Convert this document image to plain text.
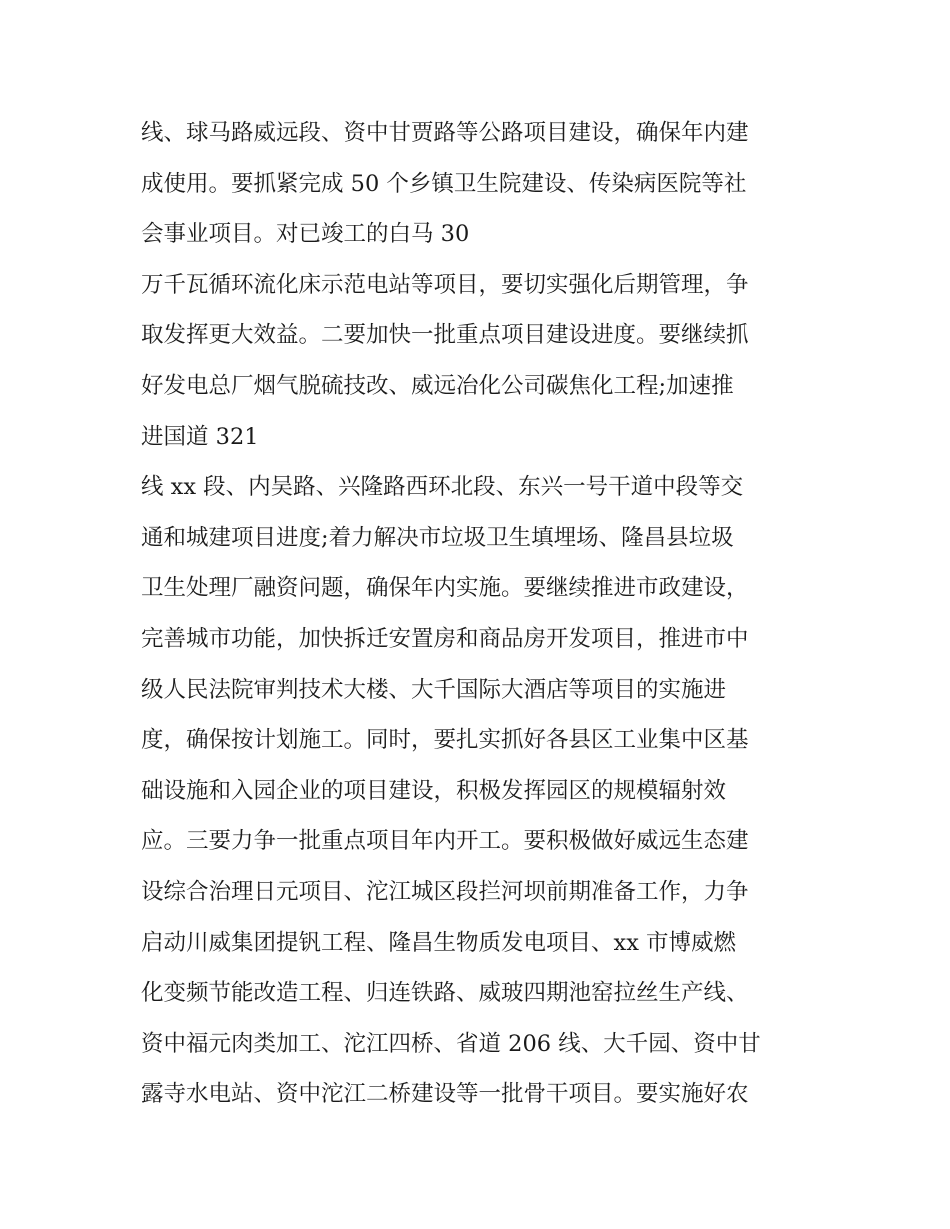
线、球马路威远段、资中甘贾路等公路项目建设，确保年内建
成使用。要抓紧完成 50 个乡镇卫生院建设、传染病医院等社
会事业项目。对已竣工的白马 30
万千瓦循环流化床示范电站等项目，要切实强化后期管理，争
取发挥更大效益。二要加快一批重点项目建设进度。要继续抓
好发电总厂烟气脱硫技改、威远冶化公司碳焦化工程;加速推
进国道 321
线 xx 段、内吴路、兴隆路西环北段、东兴一号干道中段等交
通和城建项目进度;着力解决市垃圾卫生填埋场、隆昌县垃圾
卫生处理厂融资问题，确保年内实施。要继续推进市政建设，
完善城市功能，加快拆迁安置房和商品房开发项目，推进市中
级人民法院审判技术大楼、大千国际大酒店等项目的实施进
度，确保按计划施工。同时，要扎实抓好各县区工业集中区基
础设施和入园企业的项目建设，积极发挥园区的规模辐射效
应。三要力争一批重点项目年内开工。要积极做好威远生态建
设综合治理日元项目、沱江城区段拦河坝前期准备工作，力争
启动川威集团提钒工程、隆昌生物质发电项目、xx 市博威燃
化变频节能改造工程、归连铁路、威玻四期池窑拉丝生产线、
资中福元肉类加工、沱江四桥、省道 206 线、大千园、资中甘
露寺水电站、资中沱江二桥建设等一批骨干项目。要实施好农
